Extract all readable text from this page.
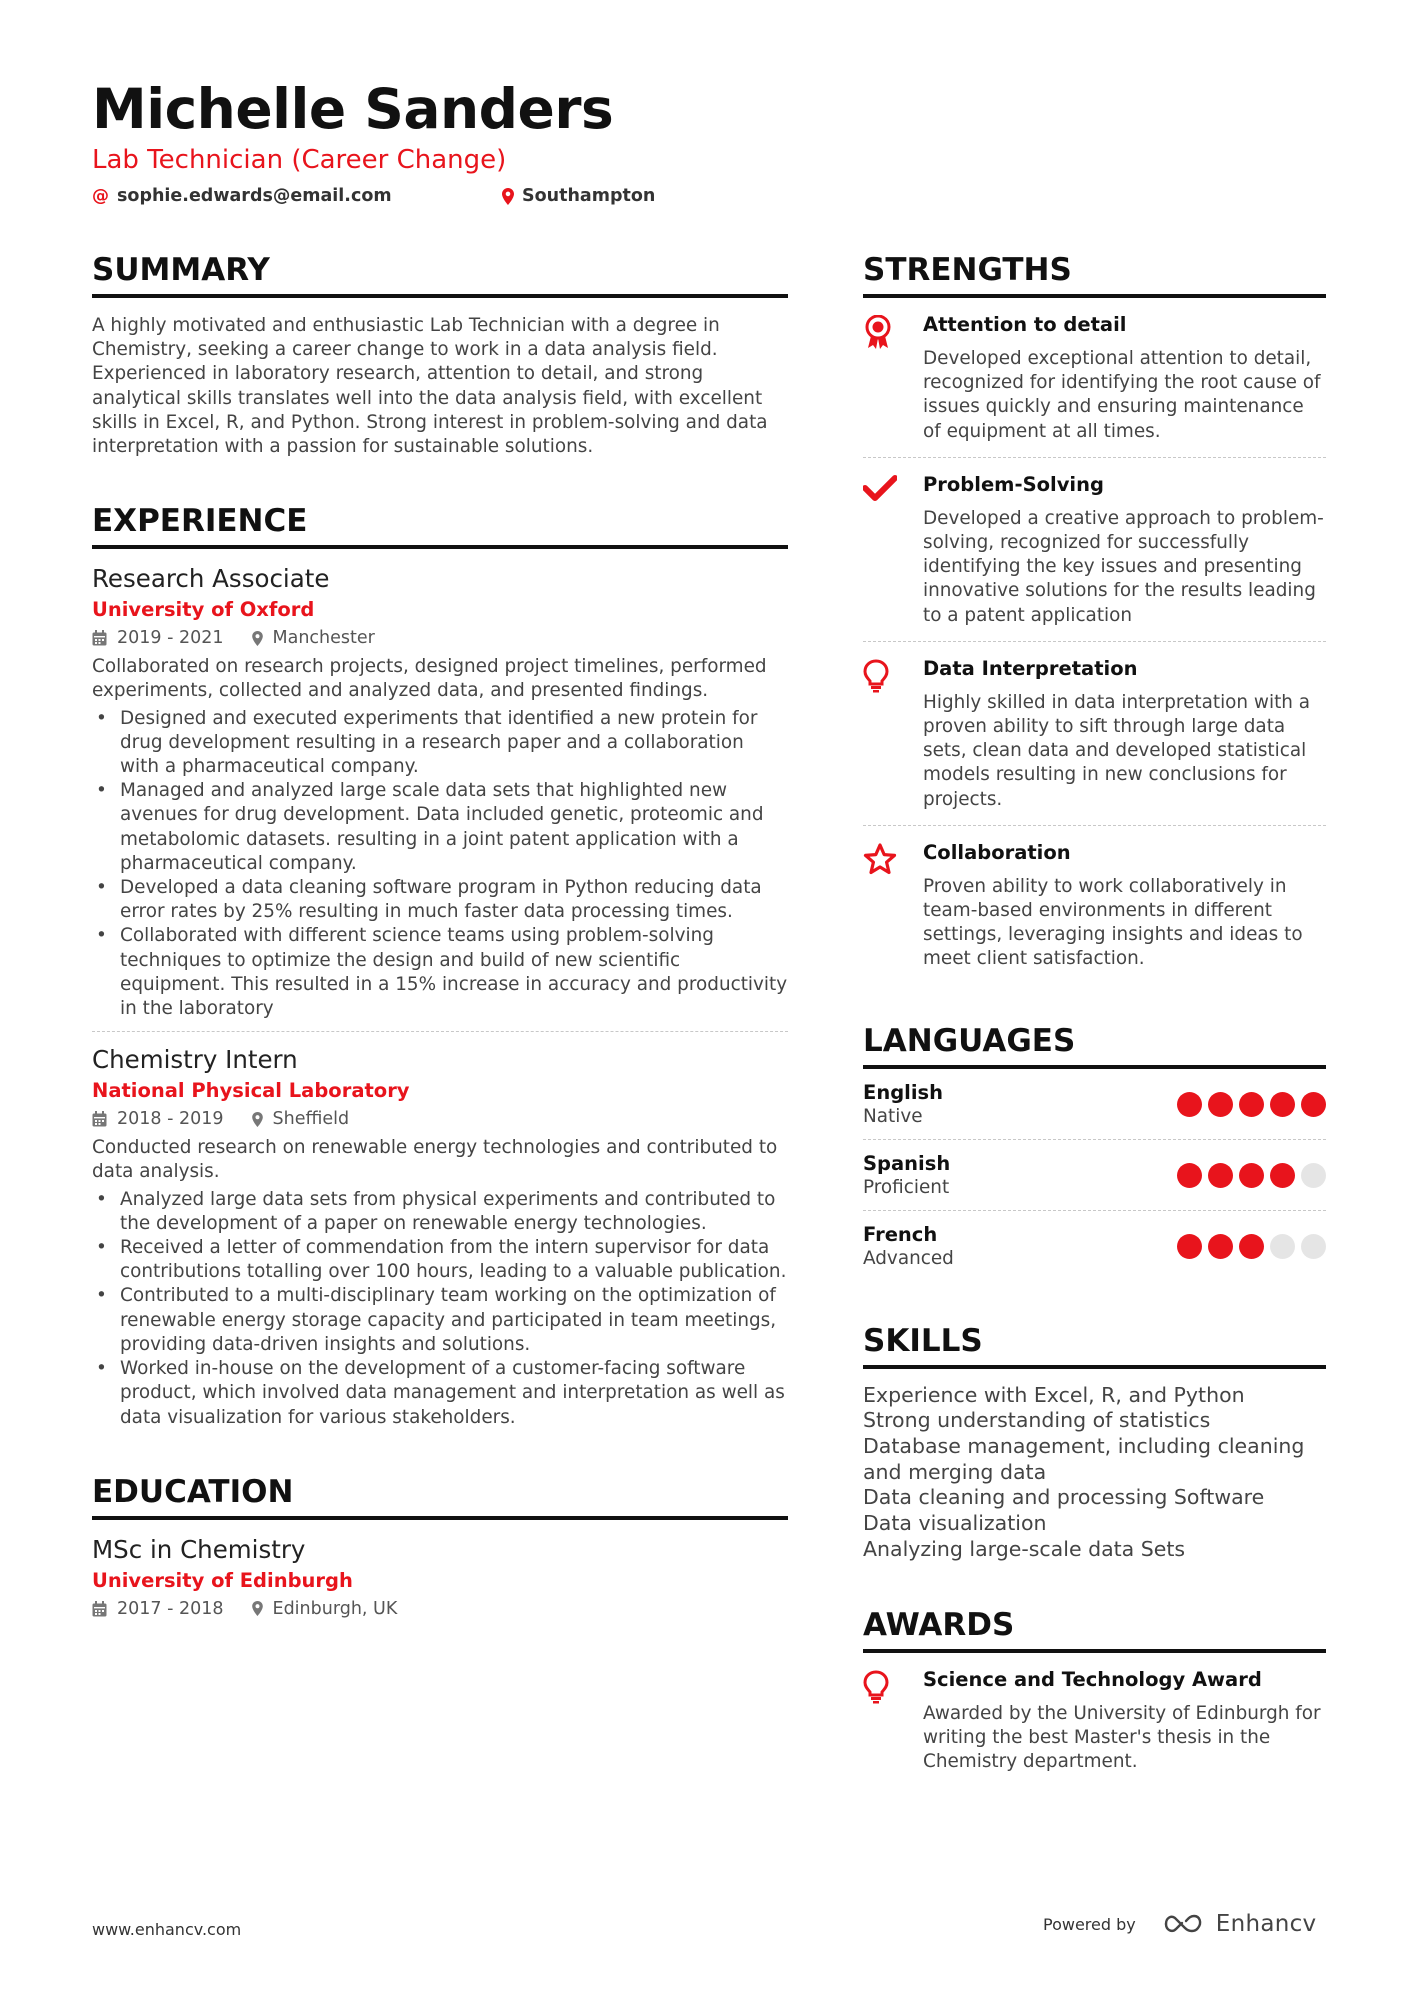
Michelle Sanders
Lab Technician (Career Change)
@ sophie.edwards@email.com	Southampton
SUMMARY
A highly motivated and enthusiastic Lab Technician with a degree in Chemistry, seeking a career change to work in a data analysis field. Experienced in laboratory research, attention to detail, and strong analytical skills translates well into the data analysis field, with excellent skills in Excel, R, and Python. Strong interest in problem-solving and data interpretation with a passion for sustainable solutions.
EXPERIENCE
Research Associate
University of Oxford
2019 - 2021	Manchester
Collaborated on research projects, designed project timelines, performed experiments, collected and analyzed data, and presented findings.
• Designed and executed experiments that identified a new protein for drug development resulting in a research paper and a collaboration with a pharmaceutical company.
• Managed and analyzed large scale data sets that highlighted new avenues for drug development. Data included genetic, proteomic and metabolomic datasets. resulting in a joint patent application with a pharmaceutical company.
• Developed a data cleaning software program in Python reducing data error rates by 25% resulting in much faster data processing times.
• Collaborated with different science teams using problem-solving techniques to optimize the design and build of new scientific equipment. This resulted in a 15% increase in accuracy and productivity in the laboratory
Chemistry Intern
National Physical Laboratory
2018 - 2019	Sheffield
Conducted research on renewable energy technologies and contributed to data analysis.
• Analyzed large data sets from physical experiments and contributed to the development of a paper on renewable energy technologies.
• Received a letter of commendation from the intern supervisor for data contributions totalling over 100 hours, leading to a valuable publication.
• Contributed to a multi-disciplinary team working on the optimization of renewable energy storage capacity and participated in team meetings, providing data-driven insights and solutions.
• Worked in-house on the development of a customer-facing software product, which involved data management and interpretation as well as data visualization for various stakeholders.
EDUCATION
MSc in Chemistry
University of Edinburgh
2017 - 2018	Edinburgh, UK
STRENGTHS
Attention to detail
Developed exceptional attention to detail, recognized for identifying the root cause of issues quickly and ensuring maintenance of equipment at all times.
Problem-Solving
Developed a creative approach to problem-solving, recognized for successfully identifying the key issues and presenting innovative solutions for the results leading to a patent application
Data Interpretation
Highly skilled in data interpretation with a proven ability to sift through large data sets, clean data and developed statistical models resulting in new conclusions for projects.
Collaboration
Proven ability to work collaboratively in team-based environments in different settings, leveraging insights and ideas to meet client satisfaction.
LANGUAGES
English
Native
Spanish
Proficient
French
Advanced
SKILLS
Experience with Excel, R, and Python
Strong understanding of statistics
Database management, including cleaning and merging data
Data cleaning and processing Software
Data visualization
Analyzing large-scale data Sets
AWARDS
Science and Technology Award
Awarded by the University of Edinburgh for writing the best Master's thesis in the Chemistry department.
www.enhancv.com	Powered by	Enhancv
